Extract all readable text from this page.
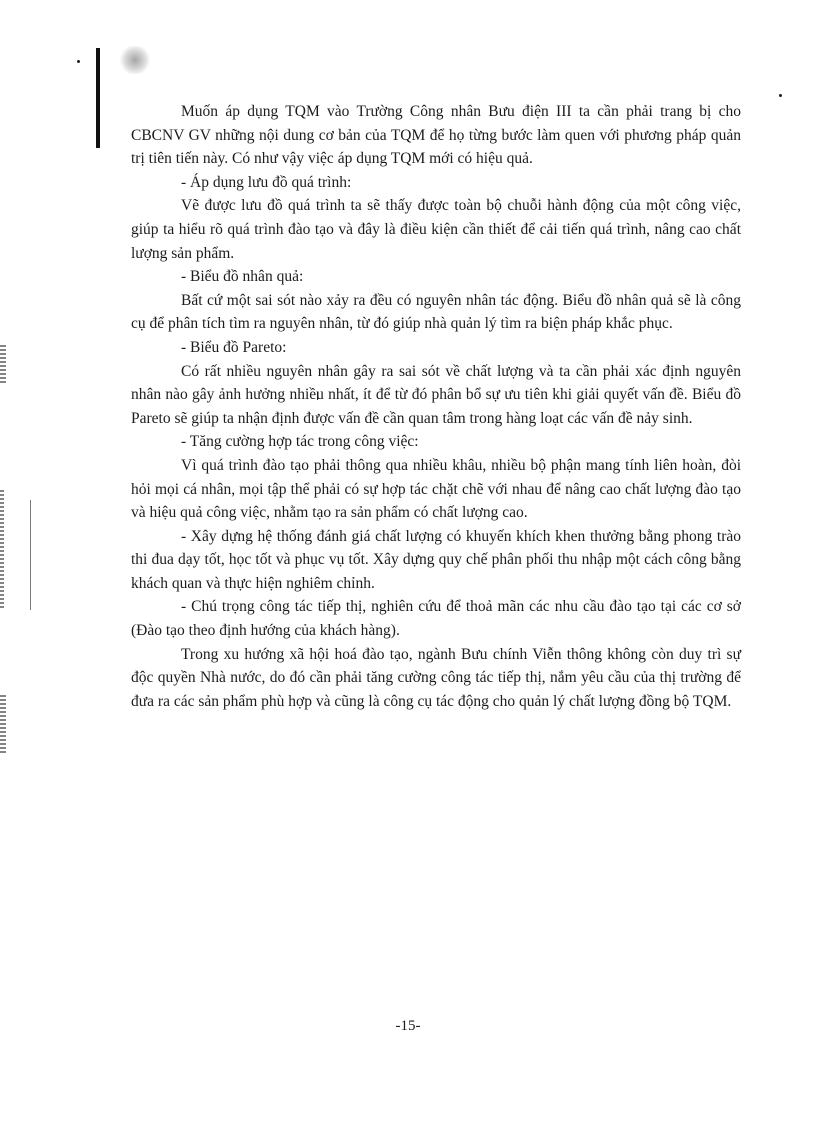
Muốn áp dụng TQM vào Trường Công nhân Bưu điện III ta cần phải trang bị cho CBCNV GV những nội dung cơ bản của TQM để họ từng bước làm quen với phương pháp quản trị tiên tiến này. Có như vậy việc áp dụng TQM mới có hiệu quả.

- Áp dụng lưu đồ quá trình:

Vẽ được lưu đồ quá trình ta sẽ thấy được toàn bộ chuỗi hành động của một công việc, giúp ta hiểu rõ quá trình đào tạo và đây là điều kiện cần thiết để cải tiến quá trình, nâng cao chất lượng sản phẩm.

- Biểu đồ nhân quả:

Bất cứ một sai sót nào xảy ra đều có nguyên nhân tác động. Biểu đồ nhân quả sẽ là công cụ để phân tích tìm ra nguyên nhân, từ đó giúp nhà quản lý tìm ra biện pháp khắc phục.

- Biểu đồ Pareto:

Có rất nhiều nguyên nhân gây ra sai sót về chất lượng và ta cần phải xác định nguyên nhân nào gây ảnh hưởng nhiều nhất, ít để từ đó phân bổ sự ưu tiên khi giải quyết vấn đề. Biểu đồ Pareto sẽ giúp ta nhận định được vấn đề cần quan tâm trong hàng loạt các vấn đề nảy sinh.

- Tăng cường hợp tác trong công việc:

Vì quá trình đào tạo phải thông qua nhiều khâu, nhiều bộ phận mang tính liên hoàn, đòi hỏi mọi cá nhân, mọi tập thể phải có sự hợp tác chặt chẽ với nhau để nâng cao chất lượng đào tạo và hiệu quả công việc, nhằm tạo ra sản phẩm có chất lượng cao.

- Xây dựng hệ thống đánh giá chất lượng có khuyến khích khen thưởng bằng phong trào thi đua dạy tốt, học tốt và phục vụ tốt. Xây dựng quy chế phân phối thu nhập một cách công bằng khách quan và thực hiện nghiêm chỉnh.

- Chú trọng công tác tiếp thị, nghiên cứu để thoả mãn các nhu cầu đào tạo tại các cơ sở (Đào tạo theo định hướng của khách hàng).

Trong xu hướng xã hội hoá đào tạo, ngành Bưu chính Viễn thông không còn duy trì sự độc quyền Nhà nước, do đó cần phải tăng cường công tác tiếp thị, nắm yêu cầu của thị trường để đưa ra các sản phẩm phù hợp và cũng là công cụ tác động cho quản lý chất lượng đồng bộ TQM.

-15-
